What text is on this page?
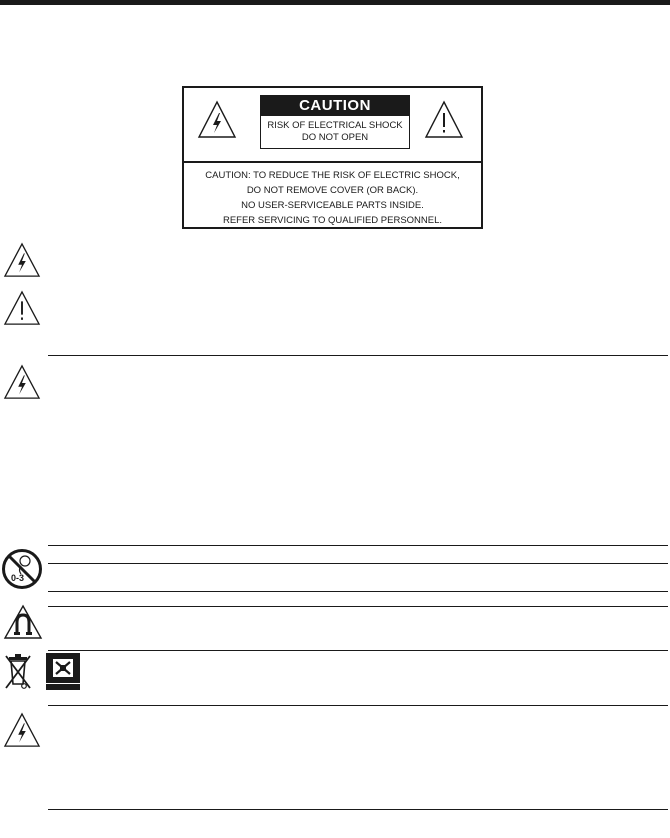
CAUTION
RISK OF ELECTRICAL SHOCK
DO NOT OPEN
CAUTION: TO REDUCE THE RISK OF ELECTRIC SHOCK,
DO NOT REMOVE COVER (OR BACK).
NO USER-SERVICEABLE PARTS INSIDE.
REFER SERVICING TO QUALIFIED PERSONNEL.
0-3
